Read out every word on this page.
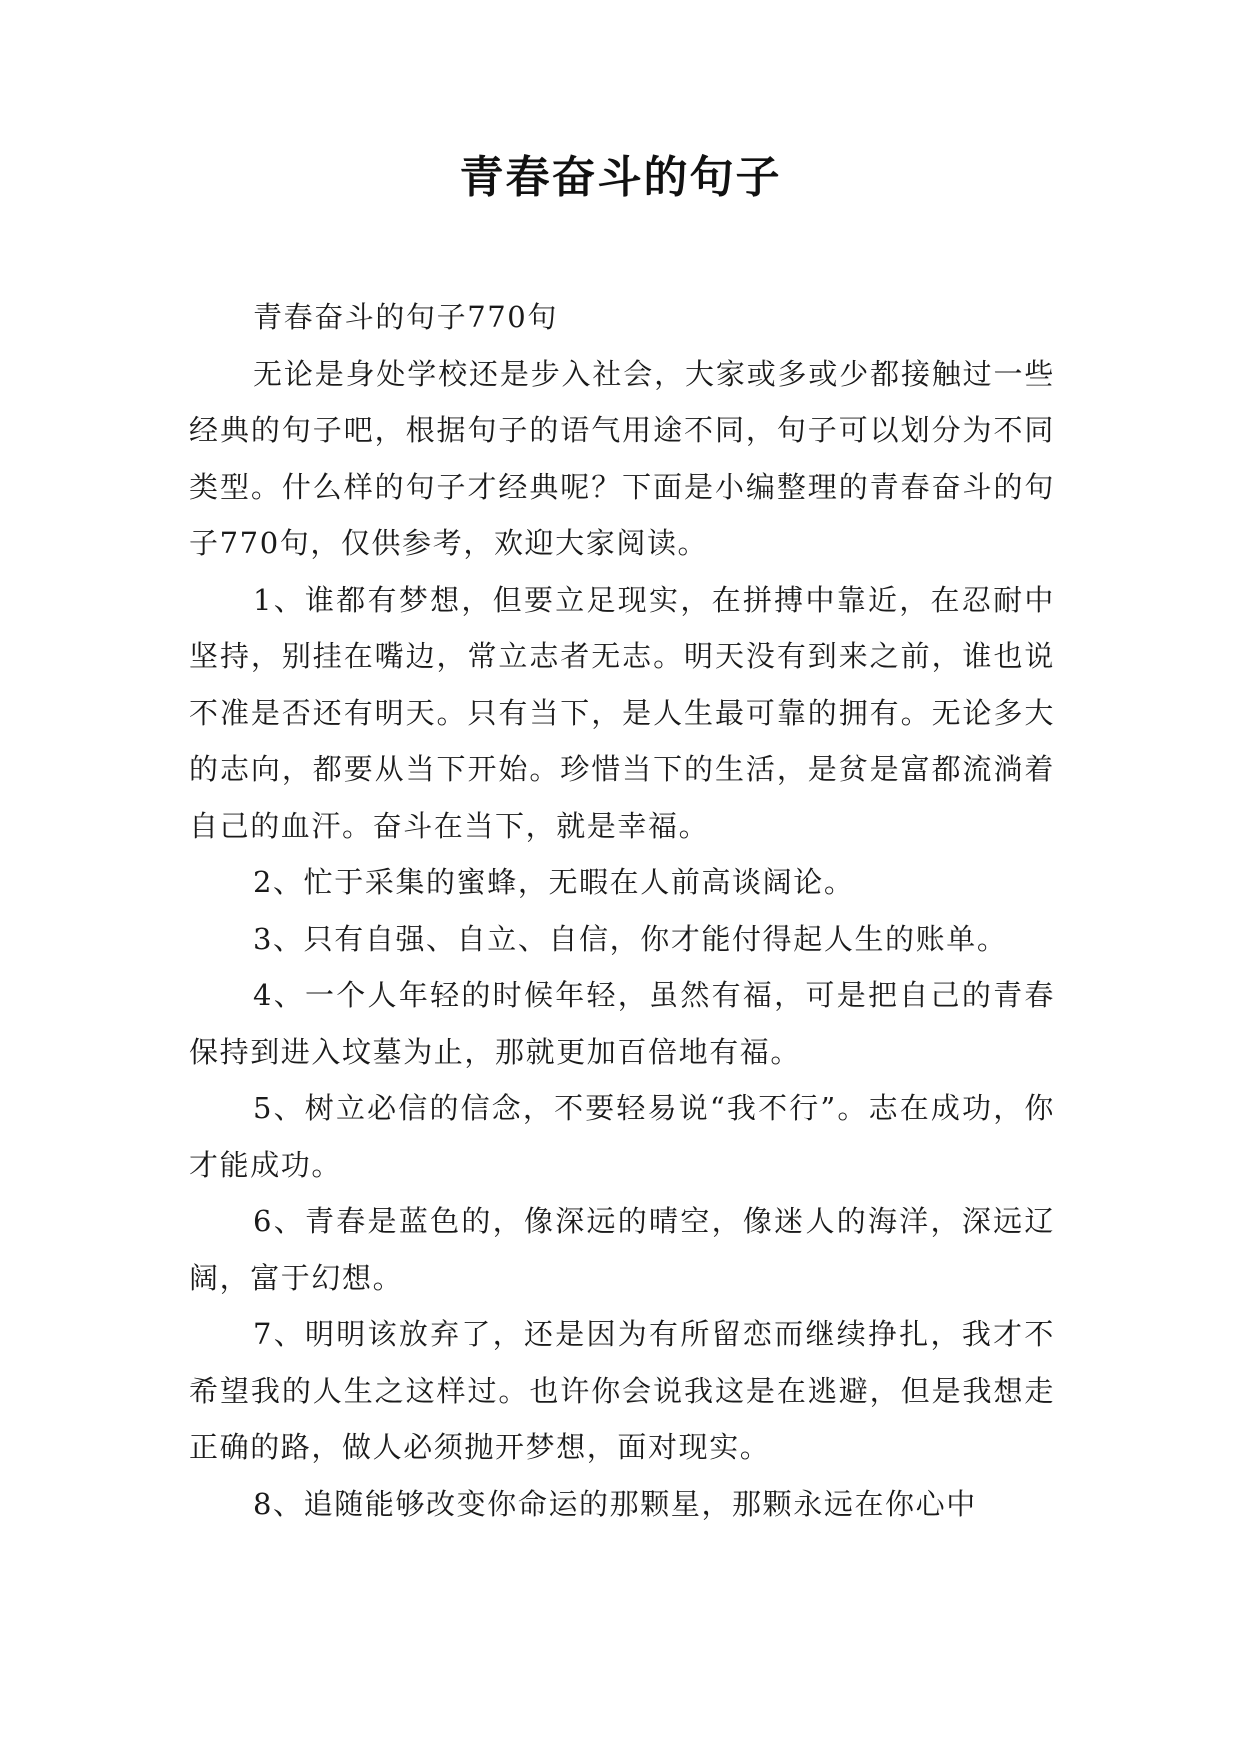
青春奋斗的句子

青春奋斗的句子770句

无论是身处学校还是步入社会，大家或多或少都接触过一些经典的句子吧，根据句子的语气用途不同，句子可以划分为不同类型。什么样的句子才经典呢？下面是小编整理的青春奋斗的句子770句，仅供参考，欢迎大家阅读。

1、谁都有梦想，但要立足现实，在拼搏中靠近，在忍耐中坚持，别挂在嘴边，常立志者无志。明天没有到来之前，谁也说不准是否还有明天。只有当下，是人生最可靠的拥有。无论多大的志向，都要从当下开始。珍惜当下的生活，是贫是富都流淌着自己的血汗。奋斗在当下，就是幸福。

2、忙于采集的蜜蜂，无暇在人前高谈阔论。

3、只有自强、自立、自信，你才能付得起人生的账单。

4、一个人年轻的时候年轻，虽然有福，可是把自己的青春保持到进入坟墓为止，那就更加百倍地有福。

5、树立必信的信念，不要轻易说“我不行”。志在成功，你才能成功。

6、青春是蓝色的，像深远的晴空，像迷人的海洋，深远辽阔，富于幻想。

7、明明该放弃了，还是因为有所留恋而继续挣扎，我才不希望我的人生之这样过。也许你会说我这是在逃避，但是我想走正确的路，做人必须抛开梦想，面对现实。

8、追随能够改变你命运的那颗星，那颗永远在你心中
